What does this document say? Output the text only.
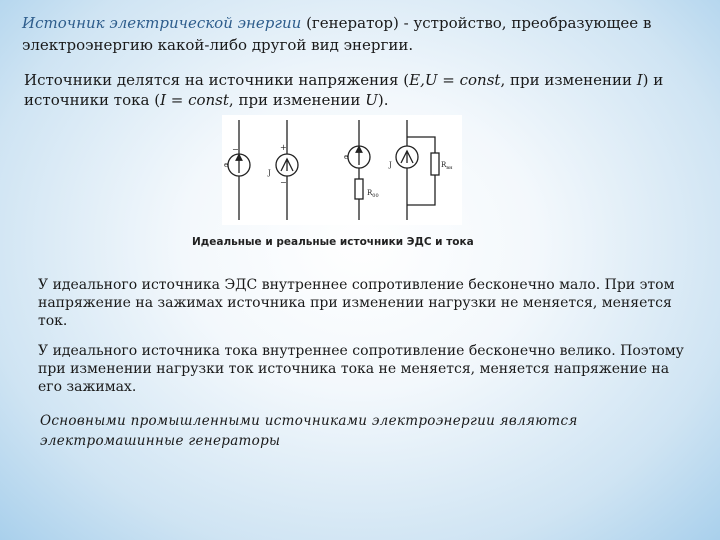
Источник электрической энергии (генератор) - устройство, преобразующее в электроэнергию какой-либо другой вид энергии.
Источники делятся на источники напряжения (E,U = const, при изменении I) и источники тока (I = const, при изменении U).
e
J
e
J
$R_{00}$
$R_{вн}$
−	+
−
Идеальные и реальные источники ЭДС и тока
У идеального источника ЭДС внутреннее сопротивление бесконечно мало. При этом напряжение на зажимах источника при изменении нагрузки не меняется, меняется ток.
У идеального источника тока внутреннее сопротивление бесконечно велико. Поэтому при изменении нагрузки ток источника тока не меняется, меняется напряжение на его зажимах.
Основными промышленными источниками электроэнергии являются электромашинные генераторы
